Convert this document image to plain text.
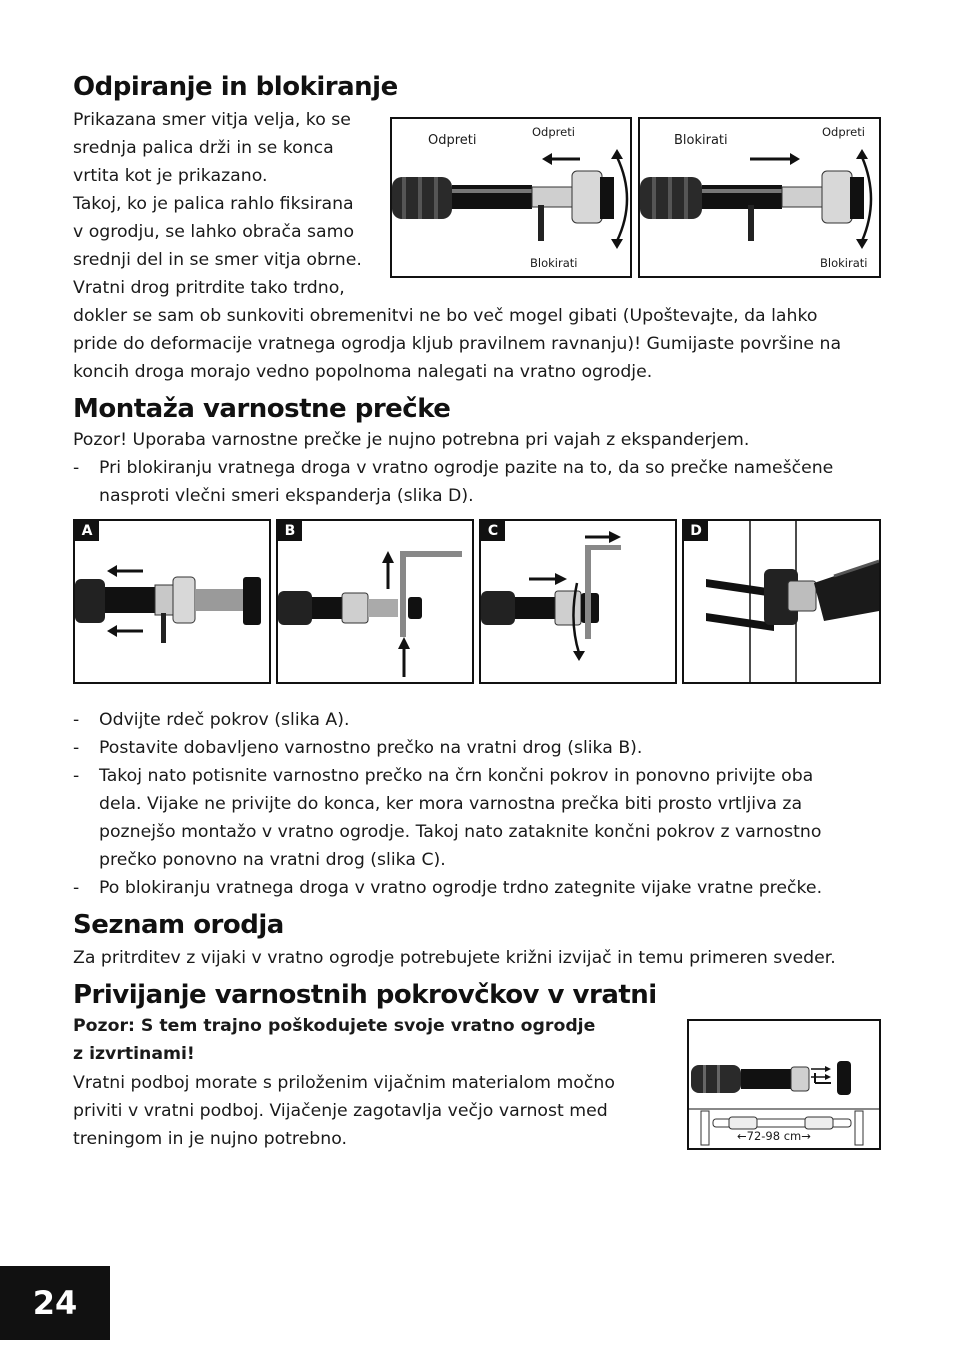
Odpiranje in blokiranje
Prikazana smer vitja velja, ko se
srednja palica drži in se konca
vrtita kot je prikazano.
Takoj, ko je palica rahlo fiksirana
v ogrodju, se lahko obrača samo
srednji del in se smer vitja obrne.
Vratni drog pritrdite tako trdno,
dokler se sam ob sunkoviti obremenitvi ne bo več mogel gibati (Upoštevajte, da lahko
pride do deformacije vratnega ogrodja kljub pravilnem ravnanju)! Gumijaste površine na
koncih droga morajo vedno popolnoma nalegati na vratno ogrodje.
Odpreti
Odpreti
Blokirati
Blokirati
Odpreti
Blokirati
Montaža varnostne prečke
Pozor! Uporaba varnostne prečke je nujno potrebna pri vajah z ekspanderjem.
- Pri blokiranju vratnega droga v vratno ogrodje pazite na to, da so prečke nameščene
nasproti vlečni smeri ekspanderja (slika D).
A	B	C	D
- Odvijte rdeč pokrov (slika A).
- Postavite dobavljeno varnostno prečko na vratni drog (slika B).
- Takoj nato potisnite varnostno prečko na črn končni pokrov in ponovno privijte oba
dela. Vijake ne privijte do konca, ker mora varnostna prečka biti prosto vrtljiva za
poznejšo montažo v vratno ogrodje. Takoj nato zataknite končni pokrov z varnostno
prečko ponovno na vratni drog (slika C).
- Po blokiranju vratnega droga v vratno ogrodje trdno zategnite vijake vratne prečke.
Seznam orodja
Za pritrditev z vijaki v vratno ogrodje potrebujete križni izvijač in temu primeren sveder.
Privijanje varnostnih pokrovčkov v vratni
Pozor: S tem trajno poškodujete svoje vratno ogrodje
z izvrtinami!
Vratni podboj morate s priloženim vijačnim materialom močno
priviti v vratni podboj. Vijačenje zagotavlja večjo varnost med
treningom in je nujno potrebno.	←72-98 cm→
24
